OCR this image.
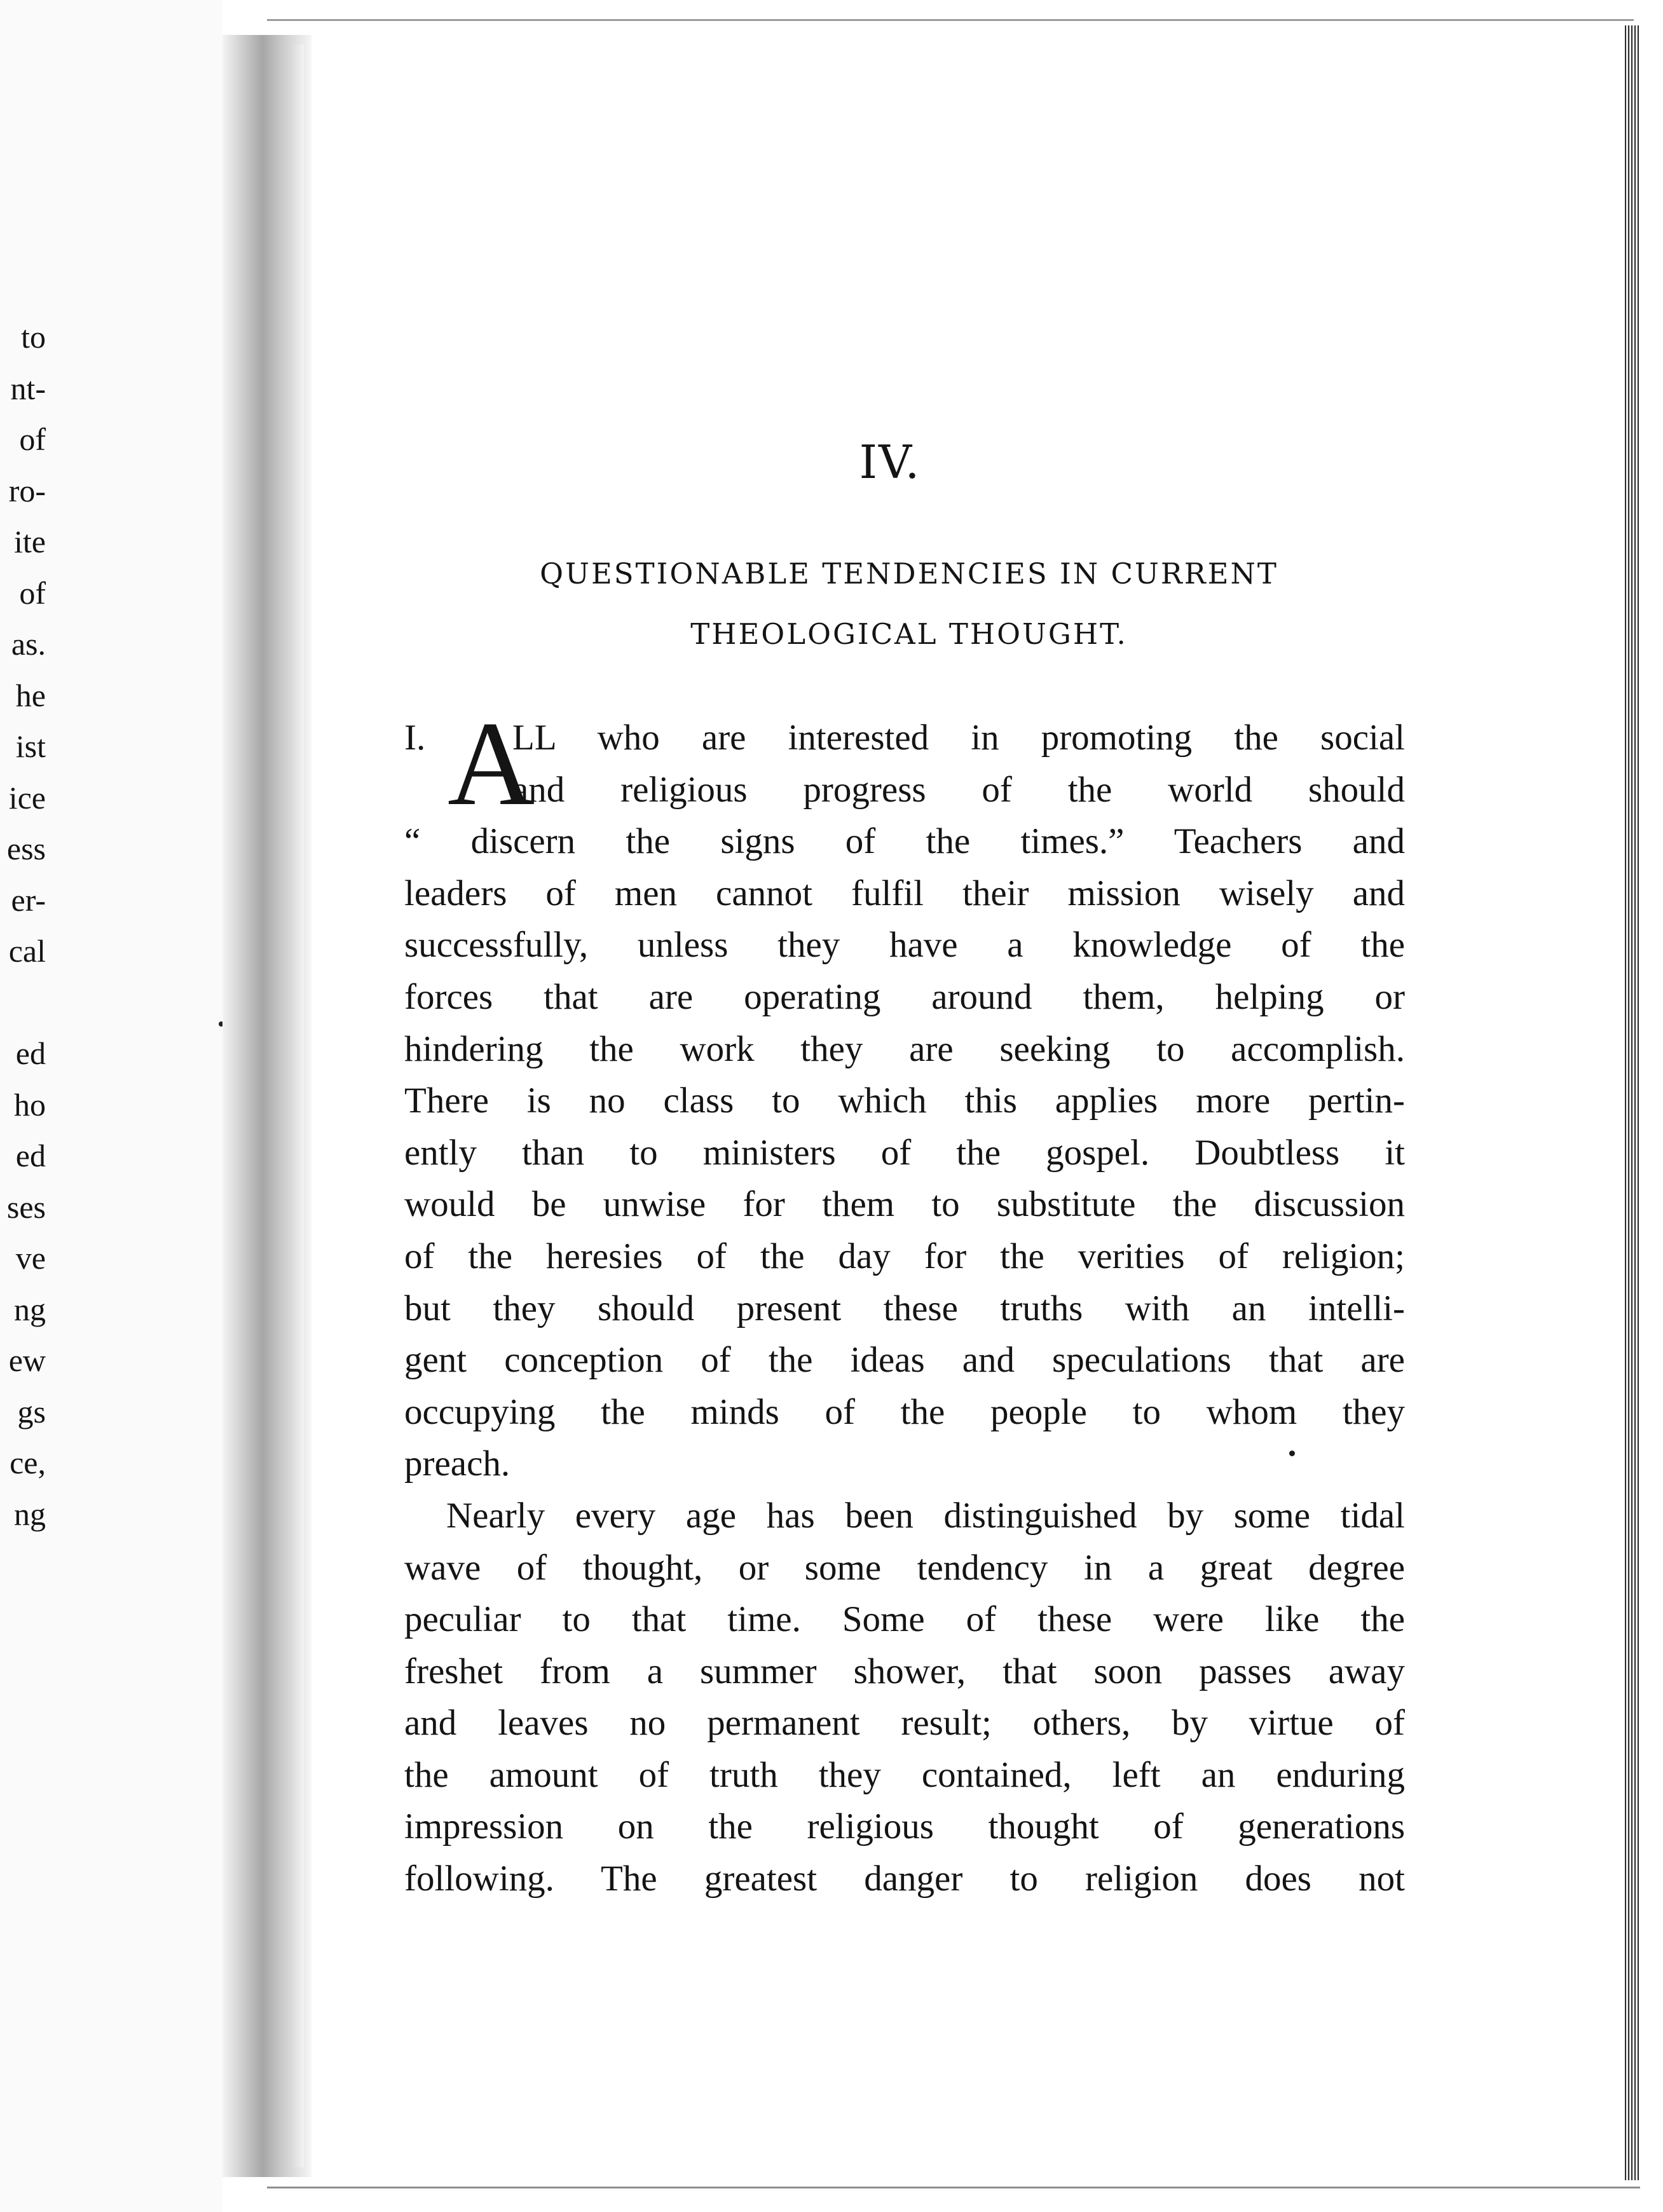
to
nt-
of
ro-
ite
of
as.
he
ist
ice
ess
er-
cal
ed
ho
ed
ses
ve
ng
ew
gs
ce,
ng
IV.
QUESTIONABLE TENDENCIES IN CURRENT
THEOLOGICAL THOUGHT.
I. A
LL who are interested in promoting the social
and religious progress of the world should
“ discern the signs of the times.” Teachers and
leaders of men cannot fulfil their mission wisely and
successfully, unless they have a knowledge of the
forces that are operating around them, helping or
hindering the work they are seeking to accomplish.
There is no class to which this applies more pertin-
ently than to ministers of the gospel. Doubtless it
would be unwise for them to substitute the discussion
of the heresies of the day for the verities of religion;
but they should present these truths with an intelli-
gent conception of the ideas and speculations that are
occupying the minds of the people to whom they
preach.
Nearly every age has been distinguished by some tidal
wave of thought, or some tendency in a great degree
peculiar to that time. Some of these were like the
freshet from a summer shower, that soon passes away
and leaves no permanent result; others, by virtue of
the amount of truth they contained, left an enduring
impression on the religious thought of generations
following. The greatest danger to religion does not
